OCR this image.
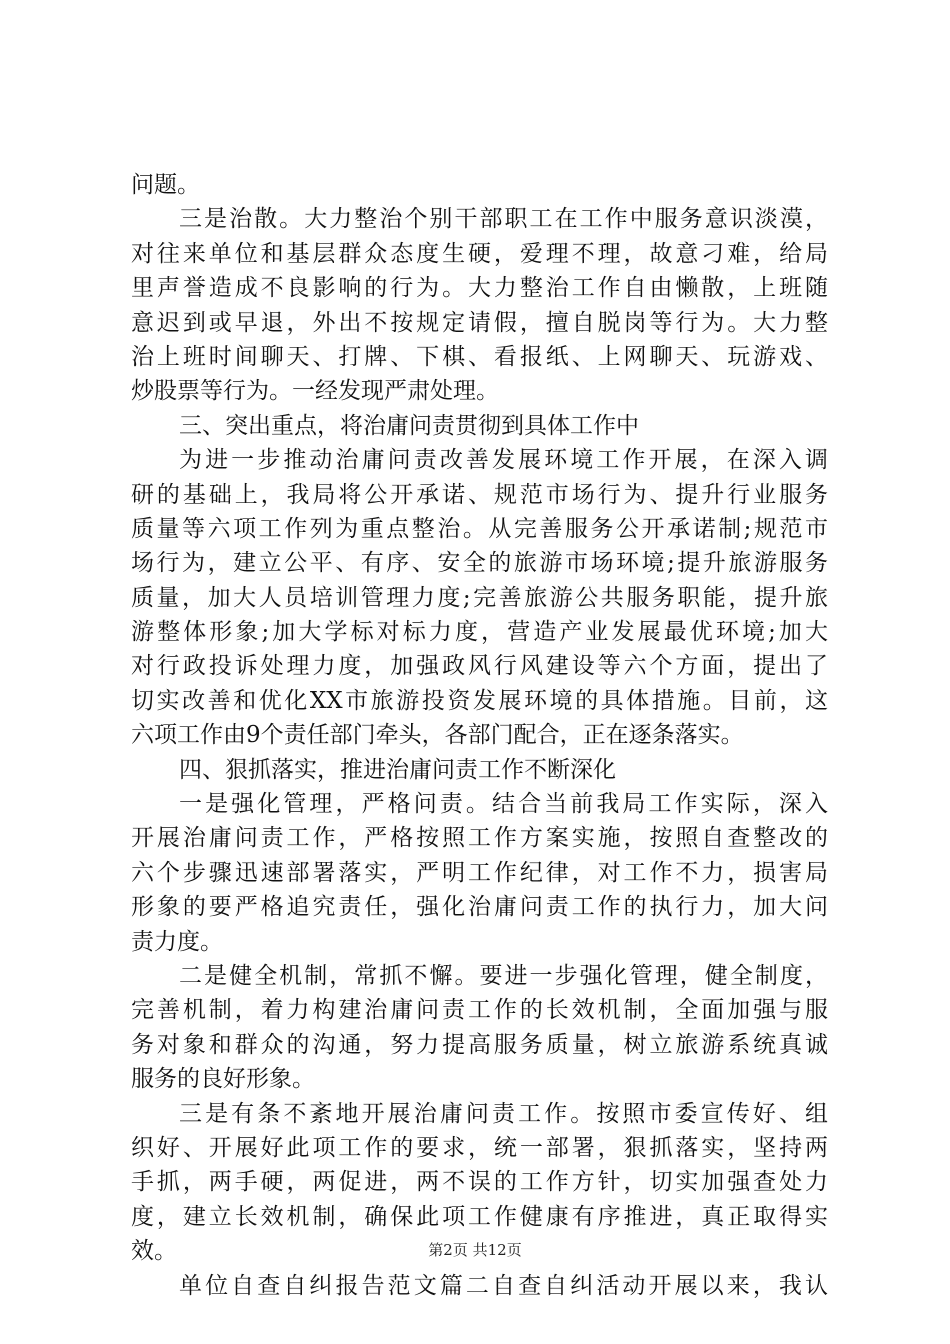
问题。
三是治散。大力整治个别干部职工在工作中服务意识淡漠，
对往来单位和基层群众态度生硬，爱理不理，故意刁难，给局
里声誉造成不良影响的行为。大力整治工作自由懒散，上班随
意迟到或早退，外出不按规定请假，擅自脱岗等行为。大力整
治上班时间聊天、打牌、下棋、看报纸、上网聊天、玩游戏、
炒股票等行为。一经发现严肃处理。
三、突出重点，将治庸问责贯彻到具体工作中
为进一步推动治庸问责改善发展环境工作开展，在深入调
研的基础上，我局将公开承诺、规范市场行为、提升行业服务
质量等六项工作列为重点整治。从完善服务公开承诺制;规范市
场行为，建立公平、有序、安全的旅游市场环境;提升旅游服务
质量，加大人员培训管理力度;完善旅游公共服务职能，提升旅
游整体形象;加大学标对标力度，营造产业发展最优环境;加大
对行政投诉处理力度，加强政风行风建设等六个方面，提出了
切实改善和优化XX市旅游投资发展环境的具体措施。目前，这
六项工作由9个责任部门牵头，各部门配合，正在逐条落实。
四、狠抓落实，推进治庸问责工作不断深化
一是强化管理，严格问责。结合当前我局工作实际，深入
开展治庸问责工作，严格按照工作方案实施，按照自查整改的
六个步骤迅速部署落实，严明工作纪律，对工作不力，损害局
形象的要严格追究责任，强化治庸问责工作的执行力，加大问
责力度。
二是健全机制，常抓不懈。要进一步强化管理，健全制度，
完善机制，着力构建治庸问责工作的长效机制，全面加强与服
务对象和群众的沟通，努力提高服务质量，树立旅游系统真诚
服务的良好形象。
三是有条不紊地开展治庸问责工作。按照市委宣传好、组
织好、开展好此项工作的要求，统一部署，狠抓落实，坚持两
手抓，两手硬，两促进，两不误的工作方针，切实加强查处力
度，建立长效机制，确保此项工作健康有序推进，真正取得实
效。
单位自查自纠报告范文篇二自查自纠活动开展以来，我认
第2页 共12页
